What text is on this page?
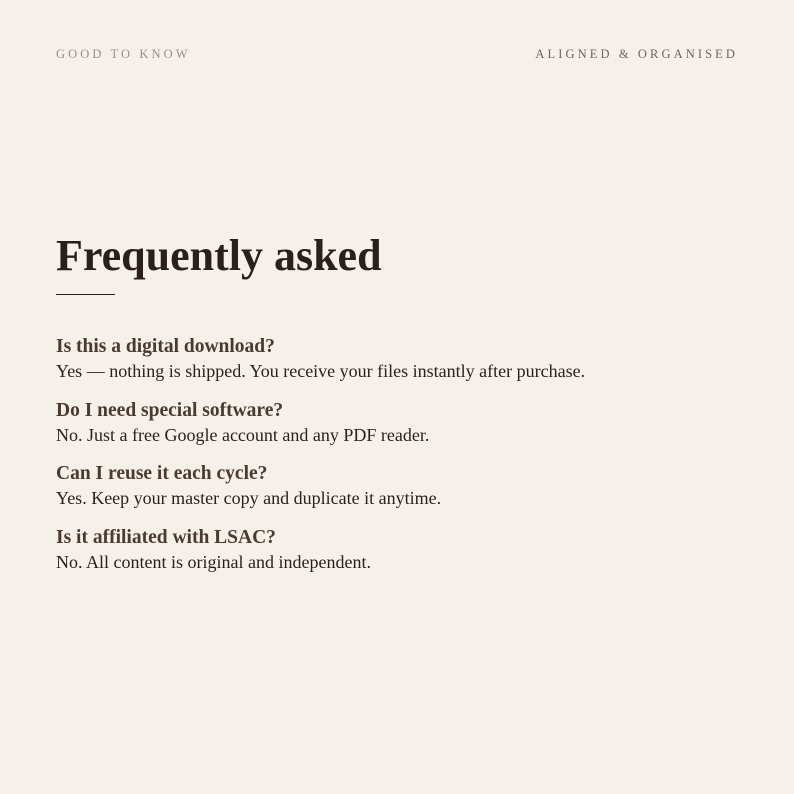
GOOD TO KNOW	ALIGNED & ORGANISED
Frequently asked
Is this a digital download?
Yes — nothing is shipped. You receive your files instantly after purchase.
Do I need special software?
No. Just a free Google account and any PDF reader.
Can I reuse it each cycle?
Yes. Keep your master copy and duplicate it anytime.
Is it affiliated with LSAC?
No. All content is original and independent.
